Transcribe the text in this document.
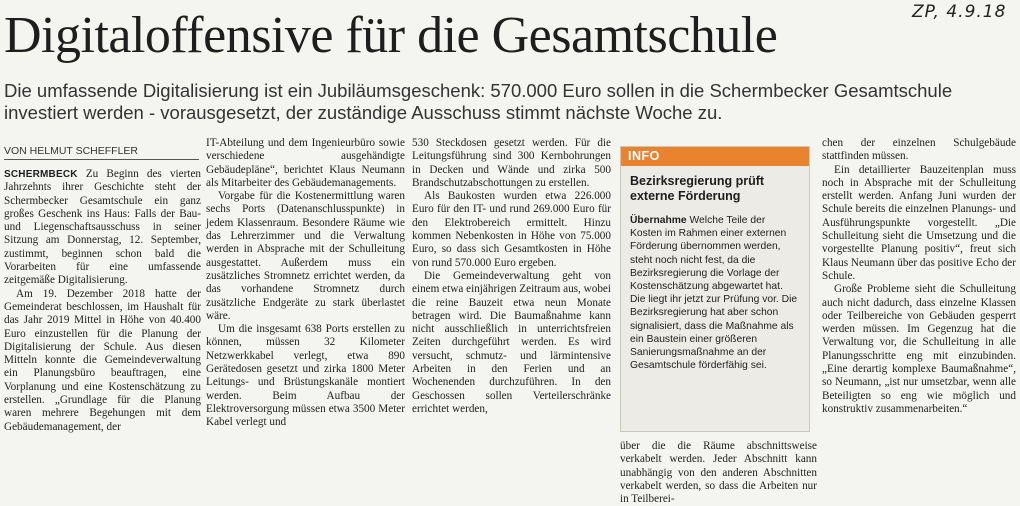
ZP, 4.9.18
Digitaloffensive für die Gesamtschule

Die umfassende Digitalisierung ist ein Jubiläumsgeschenk: 570.000 Euro sollen in die Schermbecker Gesamtschule investiert werden - vorausgesetzt, der zuständige Ausschuss stimmt nächste Woche zu.

VON HELMUT SCHEFFLER

SCHERMBECK Zu Beginn des vierten Jahrzehnts ihrer Geschichte steht der Schermbecker Gesamtschule ein ganz großes Geschenk ins Haus: Falls der Bau- und Liegenschaftsausschuss in seiner Sitzung am Donnerstag, 12. September, zustimmt, beginnen schon bald die Vorarbeiten für eine umfassende zeitgemäße Digitalisierung.

Am 19. Dezember 2018 hatte der Gemeinderat beschlossen, im Haushalt für das Jahr 2019 Mittel in Höhe von 40.400 Euro einzustellen für die Planung der Digitalisierung der Schule. Aus diesen Mitteln konnte die Gemeindeverwaltung ein Planungsbüro beauftragen, eine Vorplanung und eine Kostenschätzung zu erstellen. „Grundlage für die Planung waren mehrere Begehungen mit dem Gebäudemanagement, der

IT-Abteilung und dem Ingenieurbüro sowie verschiedene ausgehändigte Gebäudepläne“, berichtet Klaus Neumann als Mitarbeiter des Gebäudemanagements.

Vorgabe für die Kostenermittlung waren sechs Ports (Datenanschlusspunkte) in jedem Klassenraum. Besondere Räume wie das Lehrerzimmer und die Verwaltung werden in Absprache mit der Schulleitung ausgestattet. Außerdem muss ein zusätzliches Stromnetz errichtet werden, da das vorhandene Stromnetz durch zusätzliche Endgeräte zu stark überlastet wäre.

Um die insgesamt 638 Ports erstellen zu können, müssen 32 Kilometer Netzwerkkabel verlegt, etwa 890 Gerätedosen gesetzt und zirka 1800 Meter Leitungs- und Brüstungskanäle montiert werden. Beim Aufbau der Elektroversorgung müssen etwa 3500 Meter Kabel verlegt und

530 Steckdosen gesetzt werden. Für die Leitungsführung sind 300 Kernbohrungen in Decken und Wände und zirka 500 Brandschutzabschottungen zu erstellen.

Als Baukosten wurden etwa 226.000 Euro für den IT- und rund 269.000 Euro für den Elektrobereich ermittelt. Hinzu kommen Nebenkosten in Höhe von 75.000 Euro, so dass sich Gesamtkosten in Höhe von rund 570.000 Euro ergeben.

Die Gemeindeverwaltung geht von einem etwa einjährigen Zeitraum aus, wobei die reine Bauzeit etwa neun Monate betragen wird. Die Baumaßnahme kann nicht ausschließlich in unterrichtsfreien Zeiten durchgeführt werden. Es wird versucht, schmutz- und lärmintensive Arbeiten in den Ferien und an Wochenenden durchzuführen. In den Geschossen sollen Verteilerschränke errichtet werden,

INFO
Bezirksregierung prüft externe Förderung
Übernahme Welche Teile der Kosten im Rahmen einer externen Förderung übernommen werden, steht noch nicht fest, da die Bezirksregierung die Vorlage der Kostenschätzung abgewartet hat. Die liegt ihr jetzt zur Prüfung vor. Die Bezirksregierung hat aber schon signalisiert, dass die Maßnahme als ein Baustein einer größeren Sanierungsmaßnahme an der Gesamtschule förderfähig sei.

über die die Räume abschnittsweise verkabelt werden. Jeder Abschnitt kann unabhängig von den anderen Abschnitten verkabelt werden, so dass die Arbeiten nur in Teilberei-

chen der einzelnen Schulgebäude stattfinden müssen.

Ein detaillierter Bauzeitenplan muss noch in Absprache mit der Schulleitung erstellt werden. Anfang Juni wurden der Schule bereits die einzelnen Planungs- und Ausführungspunkte vorgestellt. „Die Schulleitung sieht die Umsetzung und die vorgestellte Planung positiv“, freut sich Klaus Neumann über das positive Echo der Schule.

Große Probleme sieht die Schulleitung auch nicht dadurch, dass einzelne Klassen oder Teilbereiche von Gebäuden gesperrt werden müssen. Im Gegenzug hat die Verwaltung vor, die Schulleitung in alle Planungsschritte eng mit einzubinden. „Eine derartig komplexe Baumaßnahme“, so Neumann, „ist nur umsetzbar, wenn alle Beteiligten so eng wie möglich und konstruktiv zusammenarbeiten.“
